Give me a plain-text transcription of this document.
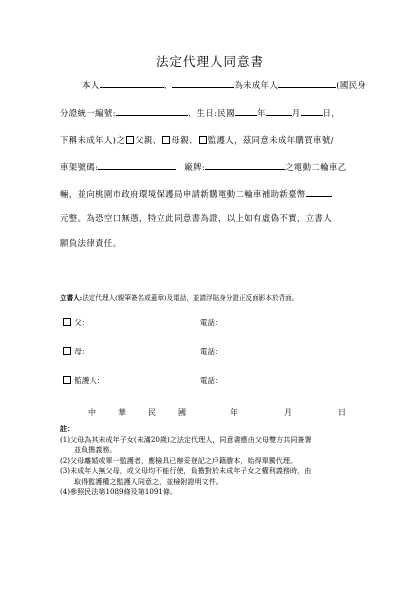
法定代理人同意書
本人	、	為未成年人	(國民身
分證統一編號:	、生日:民國	年	月	日，
下稱未成年人)之 父親、 母親、 監護人，茲同意未成年購買車號/
車架號碼:	廠牌:	之電動二輪車乙
輛，並向桃園市政府環境保護局申請新購電動二輪車補助新臺幣
元整。為恐空口無憑，特立此同意書為證，以上如有虛偽不實，立書人
願負法律責任。
立書人:法定代理人(親筆簽名或蓋章)及電話，並請浮貼身分證正反面影本於背面。
父：	電話：
母：	電話：
監護人：	電話：
中	華	民	國	年	月	日
註：
(1)父母為其未成年子女(未滿20歲)之法定代理人，同意書應由父母雙方共同簽署
並負擔義務。
(2)父母離婚或單一監護者，應檢具已辦妥登記之戶籍謄本，始得單獨代理。
(3)未成年人無父母，或父母均不能行使，負擔對於未成年子女之權利義務時，由
取得監護權之監護人同意之，並檢附證明文件。
(4)參照民法第1089條及第1091條。
